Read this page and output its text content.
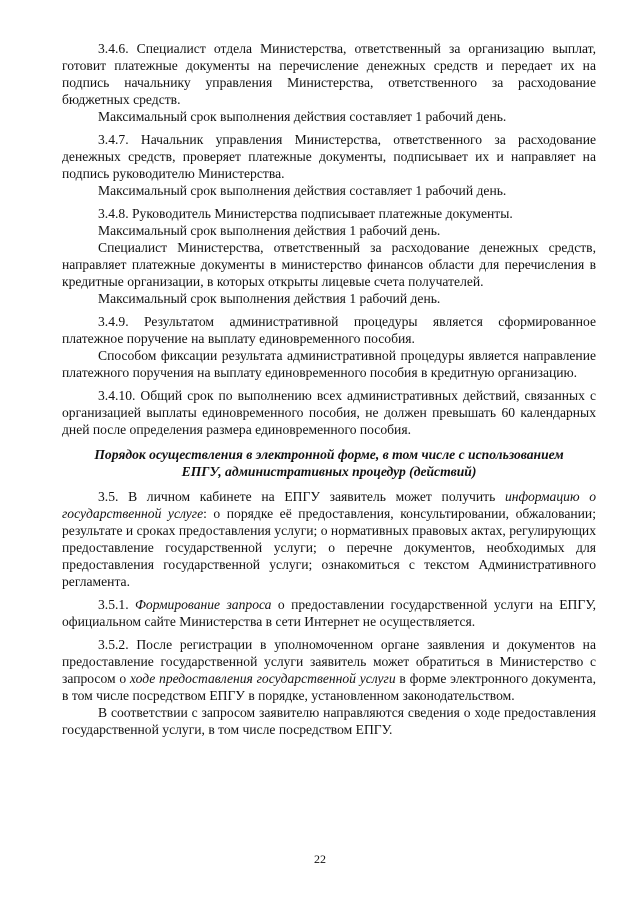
3.4.6. Специалист отдела Министерства, ответственный за организацию выплат, готовит платежные документы на перечисление денежных средств и передает их на подпись начальнику управления Министерства, ответственного за расходование бюджетных средств.

Максимальный срок выполнения действия составляет 1 рабочий день.

3.4.7. Начальник управления Министерства, ответственного за расходование денежных средств, проверяет платежные документы, подписывает их и направляет на подпись руководителю Министерства.

Максимальный срок выполнения действия составляет 1 рабочий день.

3.4.8. Руководитель Министерства подписывает платежные документы.

Максимальный срок выполнения действия 1 рабочий день.

Специалист Министерства, ответственный за расходование денежных средств, направляет платежные документы в министерство финансов области для перечисления в кредитные организации, в которых открыты лицевые счета получателей.

Максимальный срок выполнения действия 1 рабочий день.

3.4.9. Результатом административной процедуры является сформированное платежное поручение на выплату единовременного пособия.

Способом фиксации результата административной процедуры является направление платежного поручения на выплату единовременного пособия в кредитную организацию.

3.4.10. Общий срок по выполнению всех административных действий, связанных с организацией выплаты единовременного пособия, не должен превышать 60 календарных дней после определения размера единовременного пособия.

Порядок осуществления в электронной форме, в том числе с использованием
ЕПГУ, административных процедур (действий)

3.5. В личном кабинете на ЕПГУ заявитель может получить информацию о государственной услуге: о порядке её предоставления, консультировании, обжаловании; результате и сроках предоставления услуги; о нормативных правовых актах, регулирующих предоставление государственной услуги; о перечне документов, необходимых для предоставления государственной услуги; ознакомиться с текстом Административного регламента.

3.5.1. Формирование запроса о предоставлении государственной услуги на ЕПГУ, официальном сайте Министерства в сети Интернет не осуществляется.

3.5.2. После регистрации в уполномоченном органе заявления и документов на предоставление государственной услуги заявитель может обратиться в Министерство с запросом о ходе предоставления государственной услуги в форме электронного документа, в том числе посредством ЕПГУ в порядке, установленном законодательством.

В соответствии с запросом заявителю направляются сведения о ходе предоставления государственной услуги, в том числе посредством ЕПГУ.

22
